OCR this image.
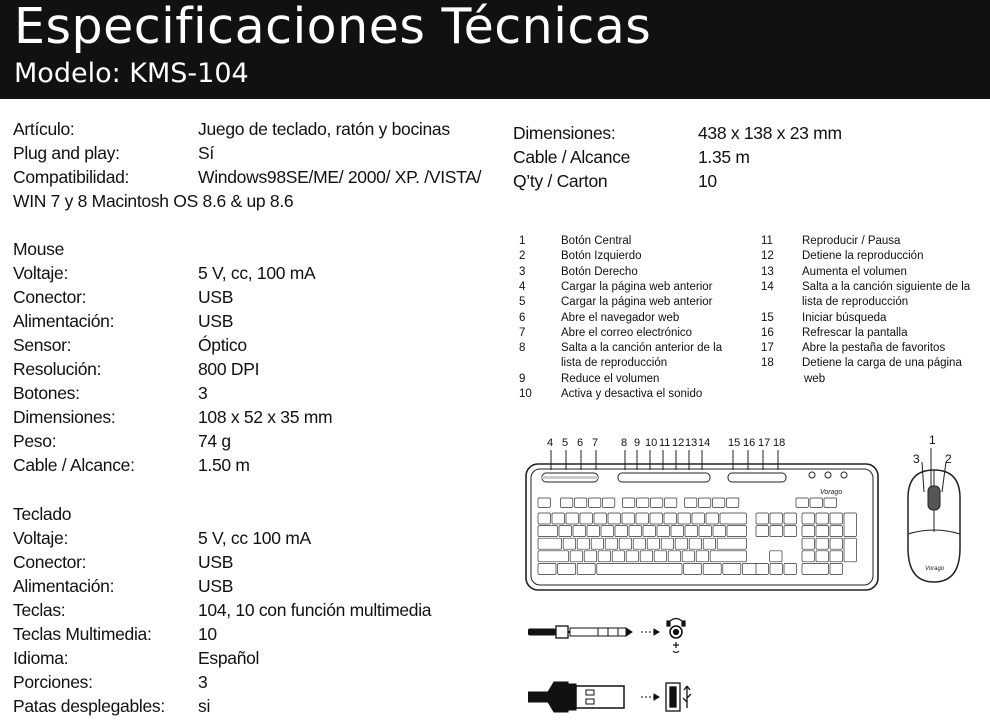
Especificaciones Técnicas
Modelo: KMS-104
Artículo:	Juego de teclado, ratón y bocinas
Plug and play:	Sí
Compatibilidad:	Windows98SE/ME/ 2000/ XP. /VISTA/
WIN 7 y 8 Macintosh OS 8.6 & up 8.6
Dimensiones:	438 x 138 x 23 mm
Cable / Alcance	1.35 m
Q’ty / Carton	10
Mouse
Voltaje:	5 V, cc, 100 mA
Conector:	USB
Alimentación:	USB
Sensor:	Óptico
Resolución:	800 DPI
Botones:	3
Dimensiones:	108 x 52 x 35 mm
Peso:	74 g
Cable / Alcance:	1.50 m
Teclado
Voltaje:	5 V, cc 100 mA
Conector:	USB
Alimentación:	USB
Teclas:	104, 10 con función multimedia
Teclas Multimedia:	10
Idioma:	Español
Porciones:	3
Patas desplegables: si
1	Botón Central
2	Botón Izquierdo
3	Botón Derecho
4	Cargar la página web anterior
5	Cargar la página web anterior
6	Abre el navegador web
7	Abre el correo electrónico
8	Salta a la canción anterior de la
lista de reproducción
9	Reduce el volumen
10	Activa y desactiva el sonido
11	Reproducir / Pausa
12 Detiene la reproducción
13 Aumenta el volumen
14 Salta a la canción siguiente de la
lista de reproducción
15 Iniciar búsqueda
16 Refrescar la pantalla
17 Abre la pestaña de favoritos
18 Detiene la carga de una página
web
4 5 6 7 8 9 10 11 12 13 14 15 16 17 18	1
3 2
Vorago
Vorago
